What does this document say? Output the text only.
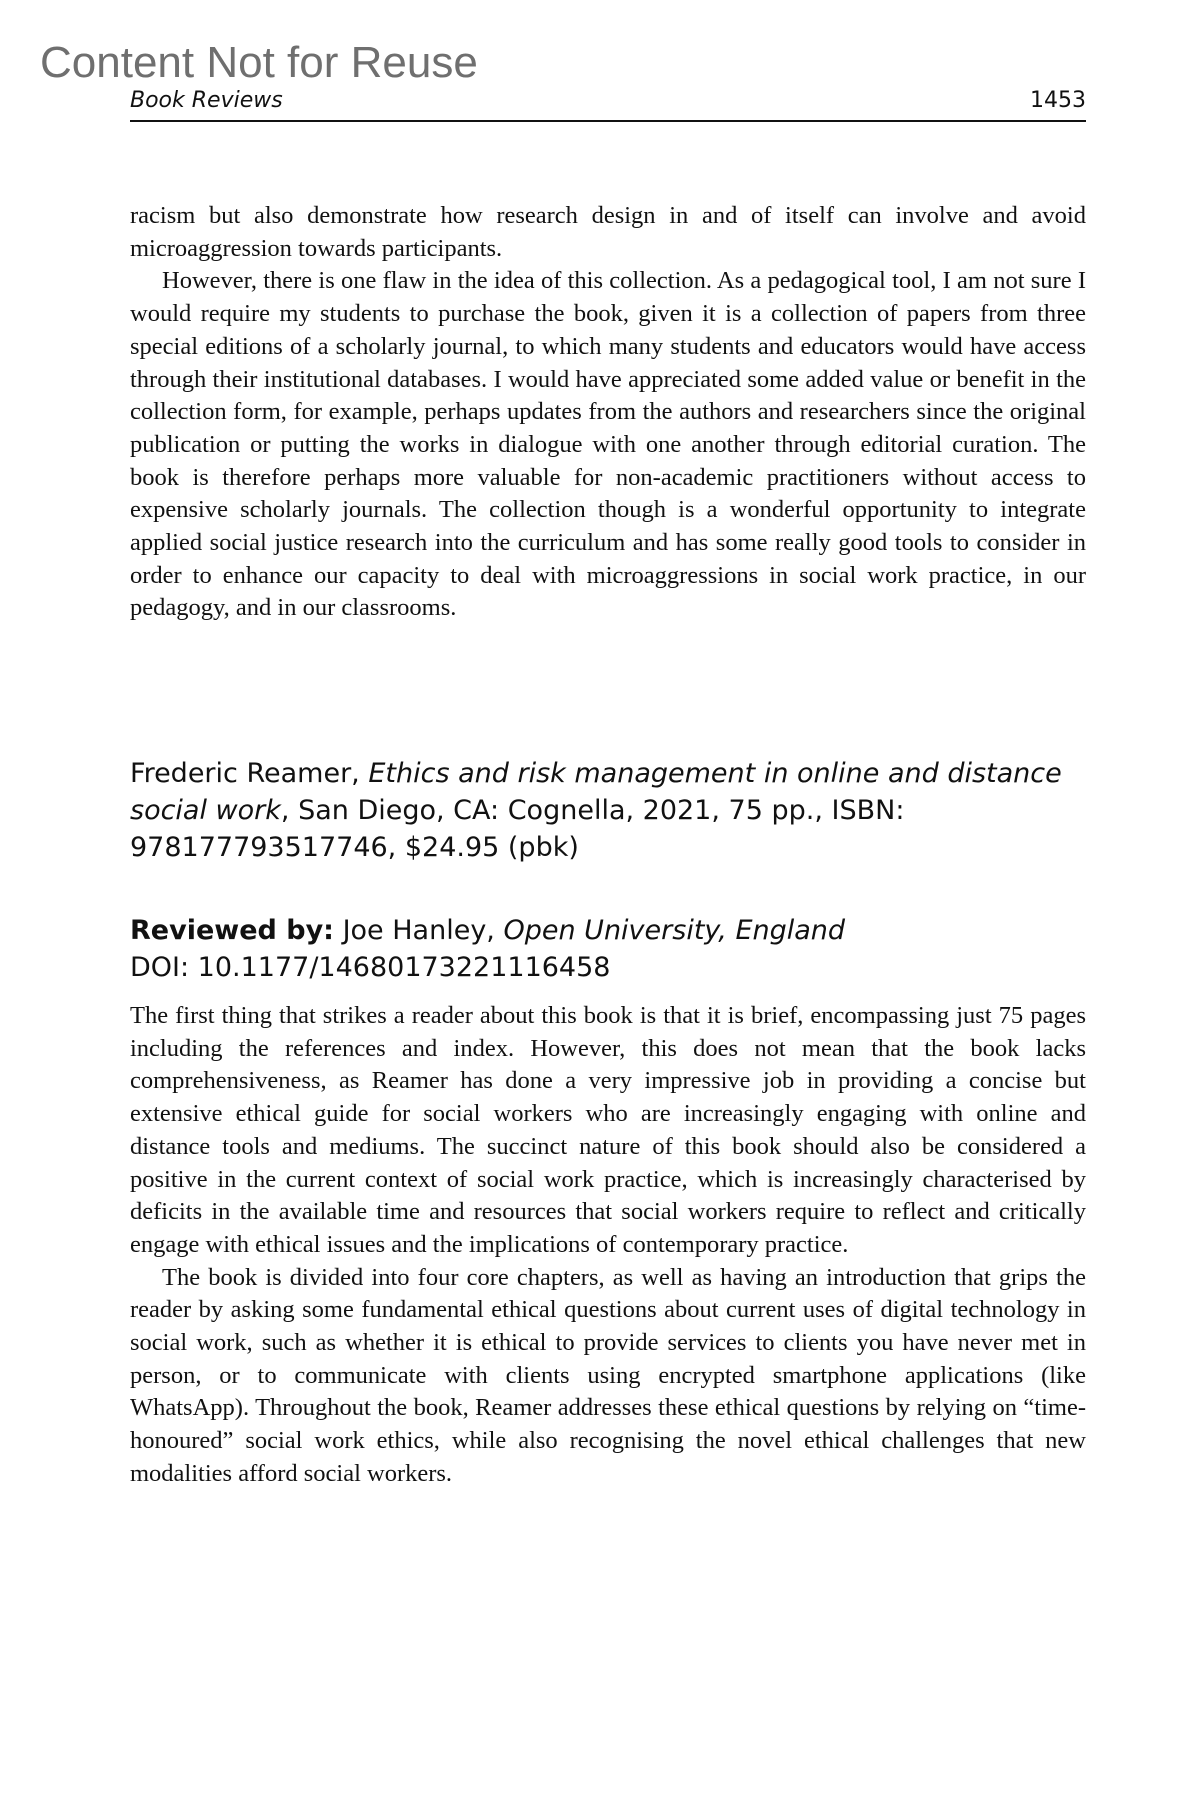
Content Not for Reuse
Book Reviews	1453

racism but also demonstrate how research design in and of itself can involve and avoid microaggression towards participants.

However, there is one flaw in the idea of this collection. As a pedagogical tool, I am not sure I would require my students to purchase the book, given it is a collection of papers from three special editions of a scholarly journal, to which many students and educators would have access through their institutional databases. I would have appreciated some added value or benefit in the collection form, for example, perhaps updates from the authors and researchers since the original publication or putting the works in dialogue with one another through editorial curation. The book is therefore perhaps more valuable for non-academic practitioners without access to expensive scholarly journals. The collection though is a wonderful opportunity to integrate applied social justice research into the curriculum and has some really good tools to consider in order to enhance our capacity to deal with microaggressions in social work practice, in our pedagogy, and in our classrooms.

Frederic Reamer, Ethics and risk management in online and distance social work, San Diego, CA: Cognella, 2021, 75 pp., ISBN: 9781777935177​46, $24.95 (pbk)
Reviewed by: Joe Hanley, Open University, England
DOI: 10.1177/14680173221116458

The first thing that strikes a reader about this book is that it is brief, encompassing just 75 pages including the references and index. However, this does not mean that the book lacks comprehensiveness, as Reamer has done a very impressive job in providing a concise but extensive ethical guide for social workers who are increasingly engaging with online and distance tools and mediums. The succinct nature of this book should also be considered a positive in the current context of social work practice, which is increasingly characterised by deficits in the available time and resources that social workers require to reflect and critically engage with ethical issues and the implications of contemporary practice.

The book is divided into four core chapters, as well as having an introduction that grips the reader by asking some fundamental ethical questions about current uses of digital technology in social work, such as whether it is ethical to provide services to clients you have never met in person, or to communicate with clients using encrypted smartphone applications (like WhatsApp). Throughout the book, Reamer addresses these ethical questions by relying on “time-honoured” social work ethics, while also recognising the novel ethical challenges that new modalities afford social workers.
